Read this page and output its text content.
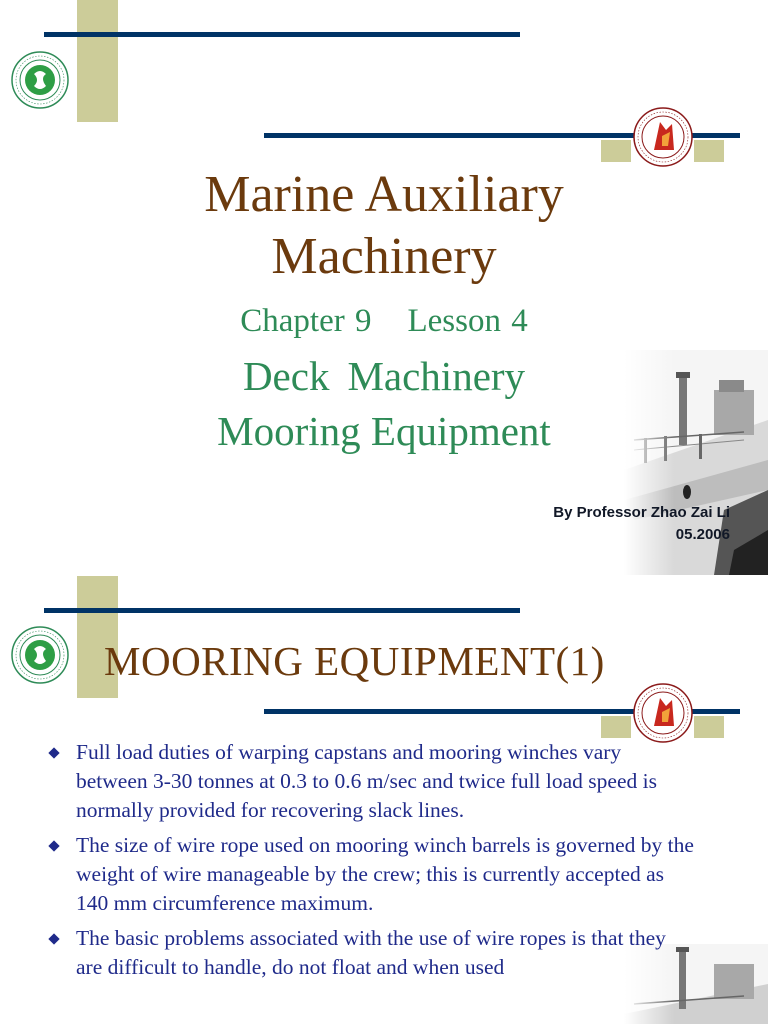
Marine Auxiliary
Machinery
Chapter 9 Lesson 4
Deck Machinery
Mooring Equipment
By Professor Zhao Zai Li
05.2006
MOORING EQUIPMENT(1)
Full load duties of warping capstans and mooring winches vary between 3-30 tonnes at 0.3 to 0.6 m/sec and twice full load speed is normally provided for recovering slack lines.
The size of wire rope used on mooring winch barrels is governed by the weight of wire manageable by the crew; this is currently accepted as 140 mm circumference maximum.
The basic problems associated with the use of wire ropes is that they are difficult to handle, do not float and when used
